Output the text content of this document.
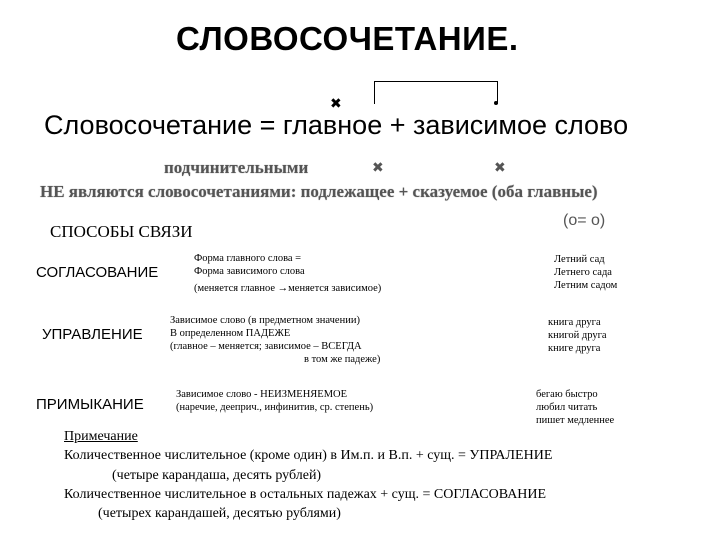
СЛОВОСОЧЕТАНИЕ.
✖
Словосочетание = главное + зависимое слово
подчинительными	✖	✖
НЕ являются словосочетаниями: подлежащее + сказуемое (оба главные)
(о= о)
СПОСОБЫ СВЯЗИ
СОГЛАСОВАНИЕ
Форма главного слова =
Форма зависимого слова
(меняется главное →меняется зависимое)
Летний сад
Летнего сада
Летним садом
УПРАВЛЕНИЕ
Зависимое слово (в предметном значении)
В определенном ПАДЕЖЕ
(главное – меняется; зависимое – ВСЕГДА
в том же падеже)
книга друга
книгой друга
книге друга
ПРИМЫКАНИЕ
Зависимое слово - НЕИЗМЕНЯЕМОЕ
(наречие, дееприч., инфинитив, ср. степень)
бегаю быстро
любил читать
пишет медленнее
Примечание
Количественное числительное (кроме один) в Им.п. и В.п. + сущ. = УПРАЛЕНИЕ
(четыре карандаша, десять рублей)
Количественное числительное в остальных падежах + сущ. = СОГЛАСОВАНИЕ
(четырех карандашей, десятью рублями)
